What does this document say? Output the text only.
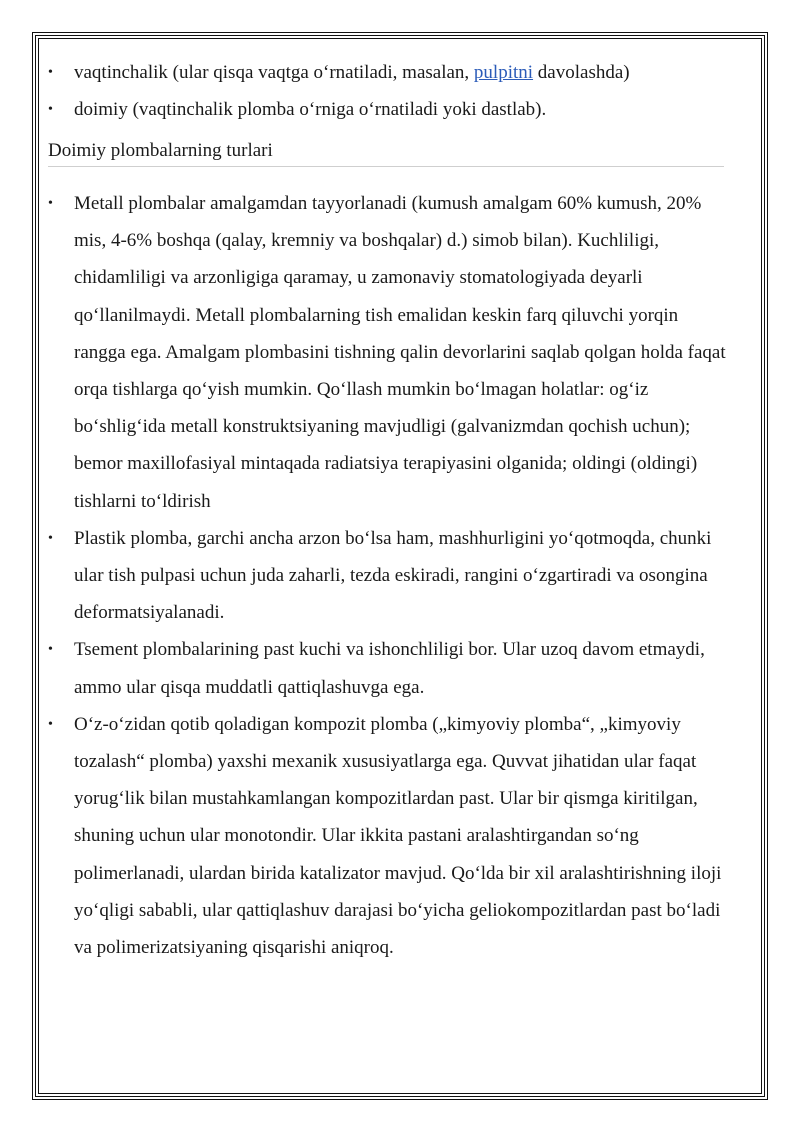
• vaqtinchalik (ular qisqa vaqtga o‘rnatiladi, masalan, pulpitni davolashda)
• doimiy (vaqtinchalik plomba o‘rniga o‘rnatiladi yoki dastlab).
Doimiy plombalarning turlari
• Metall plombalar amalgamdan tayyorlanadi (kumush amalgam 60% kumush, 20% mis, 4-6% boshqa (qalay, kremniy va boshqalar) d.) simob bilan). Kuchliligi, chidamliligi va arzonligiga qaramay, u zamonaviy stomatologiyada deyarli qo‘llanilmaydi. Metall plombalarning tish emalidan keskin farq qiluvchi yorqin rangga ega. Amalgam plombasini tishning qalin devorlarini saqlab qolgan holda faqat orqa tishlarga qo‘yish mumkin. Qo‘llash mumkin bo‘lmagan holatlar: og‘iz bo‘shlig‘ida metall konstruktsiyaning mavjudligi (galvanizmdan qochish uchun); bemor maxillofasiyal mintaqada radiatsiya terapiyasini olganida; oldingi (oldingi) tishlarni to‘ldirish
• Plastik plomba, garchi ancha arzon bo‘lsa ham, mashhurligini yo‘qotmoqda, chunki ular tish pulpasi uchun juda zaharli, tezda eskiradi, rangini o‘zgartiradi va osongina deformatsiyalanadi.
• Tsement plombalarining past kuchi va ishonchliligi bor. Ular uzoq davom etmaydi, ammo ular qisqa muddatli qattiqlashuvga ega.
• O‘z-o‘zidan qotib qoladigan kompozit plomba („kimyoviy plomba“, „kimyoviy tozalash“ plomba) yaxshi mexanik xususiyatlarga ega. Quvvat jihatidan ular faqat yorug‘lik bilan mustahkamlangan kompozitlardan past. Ular bir qismga kiritilgan, shuning uchun ular monotondir. Ular ikkita pastani aralashtirgandan so‘ng polimerlanadi, ulardan birida katalizator mavjud. Qo‘lda bir xil aralashtirishning iloji yo‘qligi sababli, ular qattiqlashuv darajasi bo‘yicha geliokompozitlardan past bo‘ladi va polimerizatsiyaning qisqarishi aniqroq.
